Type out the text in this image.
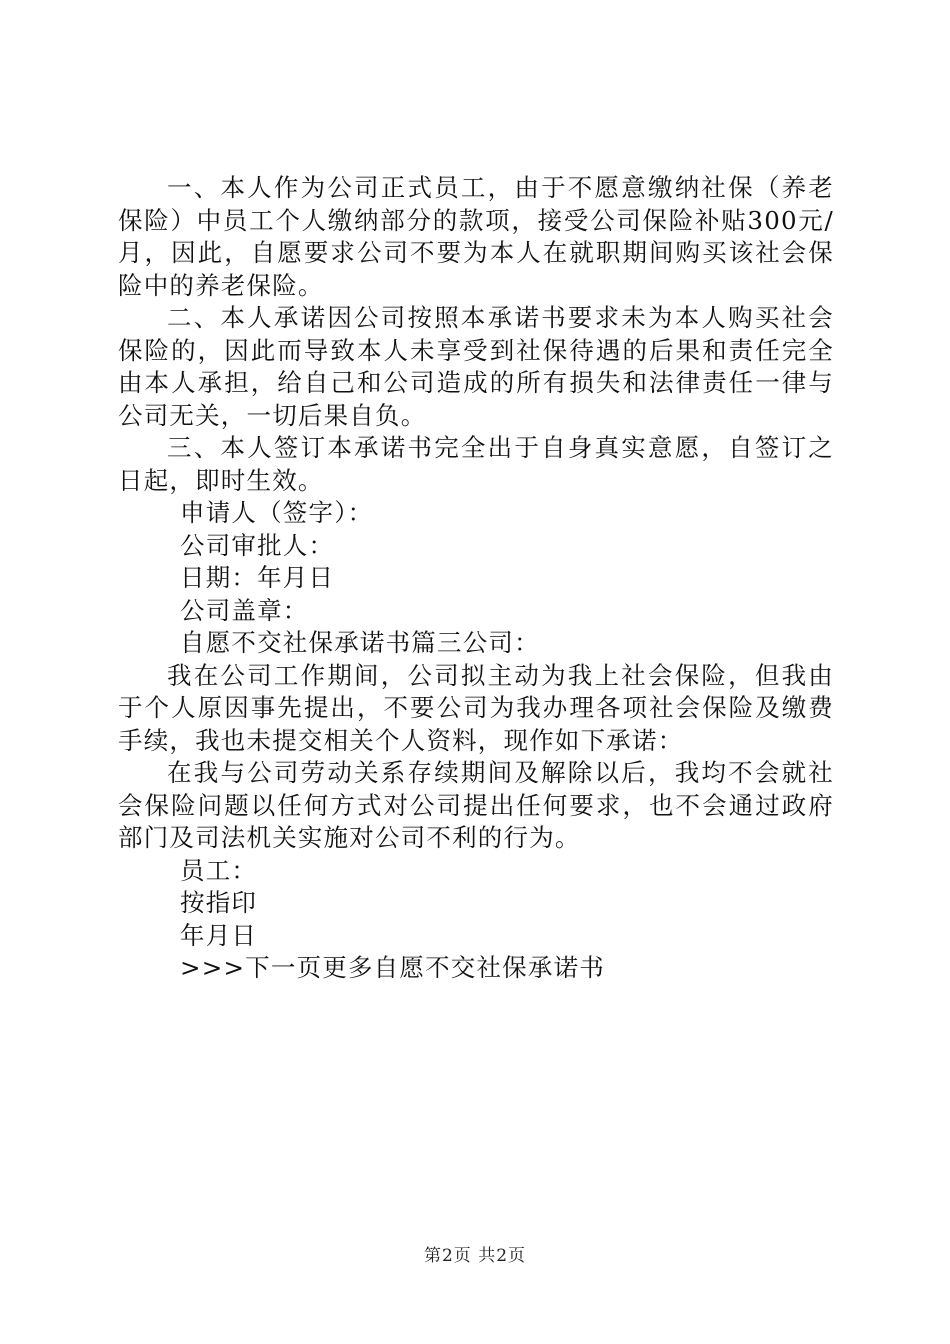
一、本人作为公司正式员工，由于不愿意缴纳社保（养老保险）中员工个人缴纳部分的款项，接受公司保险补贴300元/月，因此，自愿要求公司不要为本人在就职期间购买该社会保险中的养老保险。

二、本人承诺因公司按照本承诺书要求未为本人购买社会保险的，因此而导致本人未享受到社保待遇的后果和责任完全由本人承担，给自己和公司造成的所有损失和法律责任一律与公司无关，一切后果自负。

三、本人签订本承诺书完全出于自身真实意愿，自签订之日起，即时生效。

申请人（签字）：

公司审批人：

日期：年月日

公司盖章：

自愿不交社保承诺书篇三公司：

我在公司工作期间，公司拟主动为我上社会保险，但我由于个人原因事先提出，不要公司为我办理各项社会保险及缴费手续，我也未提交相关个人资料，现作如下承诺：

在我与公司劳动关系存续期间及解除以后，我均不会就社会保险问题以任何方式对公司提出任何要求，也不会通过政府部门及司法机关实施对公司不利的行为。

员工：

按指印

年月日

>>>下一页更多自愿不交社保承诺书

第2页 共2页
